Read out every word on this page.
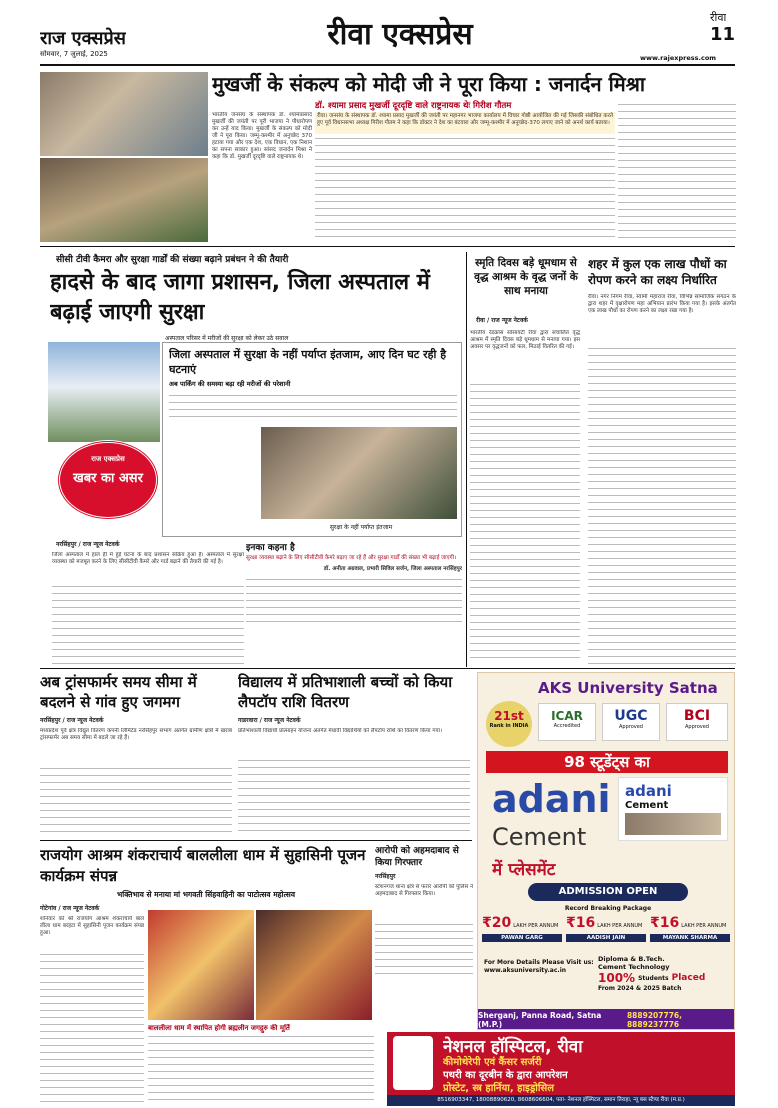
राज एक्सप्रेस
सोमवार, 7 जुलाई, 2025
रीवा एक्सप्रेस	रीवा
11
www.rajexpress.com
मुखर्जी के संकल्प को मोदी जी ने पूरा किया : जनार्दन मिश्रा
डॉ. श्यामा प्रसाद मुखर्जी दूरदृष्टि वाले राष्ट्रनायक थेः गिरीश गौतम
रीवा। जनसंघ के संस्थापक डॉ. श्यामा प्रसाद मुखर्जी की जयंती पर महानगर भाजपा कार्यालय में विचार गोष्ठी आयोजित की गई जिसकी संबोधित करते हुए पूर्व विधानसभा अध्यक्ष गिरीश गौतम ने कहा कि डॉक्टर ने देश का बंटवारा और जम्मू-कश्मीर में अनुच्छेद-370 लगाए जाने को अनर्थ कार्य बताया।
भारतीय जनसंघ के संस्थापक डॉ. श्यामाप्रसाद मुखर्जी की जयंती पर पूरी भाजपा ने पौधारोपण कर उन्हें याद किया। मुखर्जी के संकल्प को मोदी जी ने पूरा किया। जम्मू-कश्मीर में अनुच्छेद 370 हटाया गया और एक देश, एक विधान, एक निशान का सपना साकार हुआ। सांसद जनार्दन मिश्रा ने कहा कि डॉ. मुखर्जी दूरदृष्टि वाले राष्ट्रनायक थे।
सीसी टीवी कैमरा और सुरक्षा गार्डों की संख्या बढ़ाने प्रबंधन ने की तैयारी
हादसे के बाद जागा प्रशासन, जिला अस्पताल में बढ़ाई जाएगी सुरक्षा
अस्पताल परिसर में मरीजों की सुरक्षा को लेकर उठे सवाल
जिला अस्पताल में सुरक्षा के नहीं पर्याप्त इंतजाम, आए दिन घट रही है घटनाएं
अब पार्किंग की समस्या बढ़ा रही मरीजों की परेशानी
सुरक्षा के नहीं पर्याप्त इंतजाम
राज एक्सप्रेस
खबर का असर
नरसिंहपुर / राज न्यूज नेटवर्क
जिला अस्पताल में हाल ही में हुई घटना के बाद प्रशासन सक्रिय हुआ है। अस्पताल में सुरक्षा व्यवस्था को मजबूत करने के लिए सीसीटीवी कैमरे और गार्ड बढ़ाने की तैयारी की गई है।
इनका कहना है
सुरक्षा व्यवस्था बढ़ाने के लिए सीसीटीवी कैमरे बढ़ाए जा रहे हैं और सुरक्षा गार्डों की संख्या भी बढ़ाई जाएगी।
डॉ. अनीता अग्रवाल, प्रभारी सिविल सर्जन, जिला अस्पताल नरसिंहपुर
स्मृति दिवस बड़े धूमधाम से वृद्ध आश्रम के वृद्ध जनों के साथ मनाया
रीवा / राज न्यूज नेटवर्क
भारतीय रेडक्रॉस सोसायटी रीवा द्वारा संचालित वृद्ध आश्रम में स्मृति दिवस बड़े धूमधाम से मनाया गया। इस अवसर पर वृद्धजनों को फल, मिठाई वितरित की गई।
शहर में कुल एक लाख पौधों का रोपण करने का लक्ष्य निर्धारित
रीवा। नगर निगम रीवा, स्वामी महाराज रीवा, विभिन्न सामाजिक संगठन के द्वारा शहर में वृक्षारोपण महा अभियान प्रारंभ किया गया है। इसके अंतर्गत एक लाख पौधों का रोपण करने का लक्ष्य रखा गया है।
अब ट्रांसफार्मर समय सीमा में बदलने से गांव हुए जगमग
नरसिंहपुर / राज न्यूज नेटवर्क
मध्यप्रदेश पूर्व क्षेत्र विद्युत वितरण कंपनी लिमिटेड नरसिंहपुर संभाग अंतर्गत ग्रामीण क्षेत्रों में खराब ट्रांसफार्मर अब समय सीमा में बदले जा रहे हैं।
विद्यालय में प्रतिभाशाली बच्चों को किया लैपटॉप राशि वितरण
गाडरवारा / राज न्यूज नेटवर्क
प्रतिभाशाली विद्यार्थी प्रोत्साहन योजना अंतर्गत मेधावी विद्यार्थियों को लैपटॉप राशि का वितरण किया गया।
आरोपी को अहमदाबाद से किया गिरफ्तार
नरसिंहपुर
स्टेशनगंज थाना क्षेत्र से फरार आरोपी को पुलिस ने अहमदाबाद से गिरफ्तार किया।
राजयोग आश्रम शंकराचार्य बाललीला धाम में सुहासिनी पूजन कार्यक्रम संपन्न
भक्तिभाव से मनाया मां भगवती सिंहवाहिनी का पाटोत्सव महोत्सव
गोटेगांव / राज न्यूज नेटवर्क
शनिवार को श्री राजयोग आश्रम शंकराचार्य बाल लीला धाम बरहटा में सुहासिनी पूजन कार्यक्रम संपन्न हुआ।
बाललीला धाम में स्थापित होगी ब्रह्मलीन जगद्गुरु की मूर्ति
AKS University Satna
21st
Rank in INDIA
ICAR
Accredited
UGC
Approved
BCI
Approved
98 स्टूडेंट्स का
adani adani
Cement
Cement
में प्लेसमेंट
ADMISSION OPEN
Record Breaking Package
₹20 LAKH PER ANNUM
PAWAN GARG
₹16 LAKH PER ANNUM
AADISH JAIN
₹16 LAKH PER ANNUM
MAYANK SHARMA
For More Details Please Visit us: www.aksuniversity.ac.in
Diploma & B.Tech.
Cement Technology
100% Students Placed
From 2024 & 2025 Batch
Sherganj, Panna Road, Satna (M.P.)
8889207776, 8889237776
नेशनल हॉस्पिटल, रीवा
कीमोथेरेपी एवं कैंसर सर्जरी
पथरी का दूरबीन के द्वारा आपरेशन
प्रोस्टेट, स्त्र हार्निया, हाइड्रोसिल
8516903347, 18008890620, 8608606604, पता- नेशनल हॉस्पिटल, समान तिराहा, न्यू बस स्टैण्ड रीवा (म.प्र.)
